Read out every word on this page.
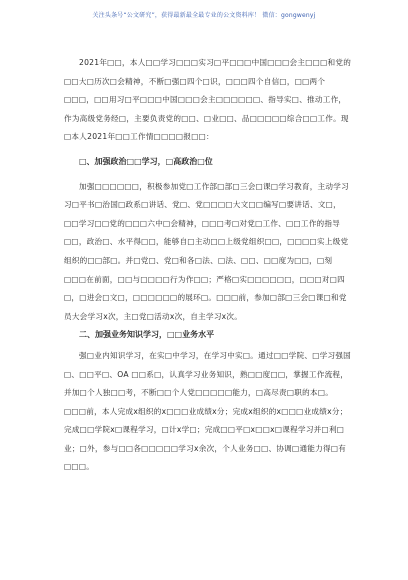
关注头条号“公文研究”，获得最新最全最专业的公文资料库！ 微信：gongwenyj

2021年□□，本人□□学习□□□实习□平□□□中国□□□会主□□□和党的□□大□历次□会精神，不断□强□四个□识，□□□四个自信□，□□两个□□□，□□用习□平□□□中国□□□会主□□□□□□、指导实□、推动工作，作为高级党务经□，主要负责党的□□、□业□□、品□□□□□综合□□工作。现□本人2021年□□工作情□□□□报□□：

□、加强政治□□学习，□高政治□位

加强□□□□□□，积极参加党□工作部□部□三会□课□学习教育，主动学习习□平书□治国□政系□讲话、党□、党□□□□大文□□编写□要讲话、文□，□□学习□□党的□□□六中□会精神，□□□考□对党□工作、□□工作的指导□□，政治□、水平得□□，能够自□主动□□上级党组织□□，□□□□实上级党组织的□□部□。并□党□、党□和各□法、□法、□□、□□度为□□，□刻□□□在前面，□□与□□□□行为作□□；严格□实□□□□□□，□□□对□四□，□进会□文□，□□□□□□的展环□。□□□前，参加□部□三会□课□和党员大会学习x次，主□党□活动x次，自主学习x次。

二、加强业务知识学习，□□业务水平

强□业内知识学习，在实□中学习，在学习中实□。通过□□学院、□学习强国□、□□平□、OA □□系□，认真学习业务知识，熟□□度□□，掌握工作流程，并加□个人独□□考，不断□□个人党□□□□□能力，□高尽责□职的本□。□□□前，本人完成x组织的x□□□业成绩x分；完成x组织的x□□□业成绩x分；完成□□学院x□课程学习，□计x学□；完成□□平□x□□x□课程学习并□利□业；□外，参与□□各□□□□□学习x余次，个人业务□□、协调□通能力得□有□□□。
